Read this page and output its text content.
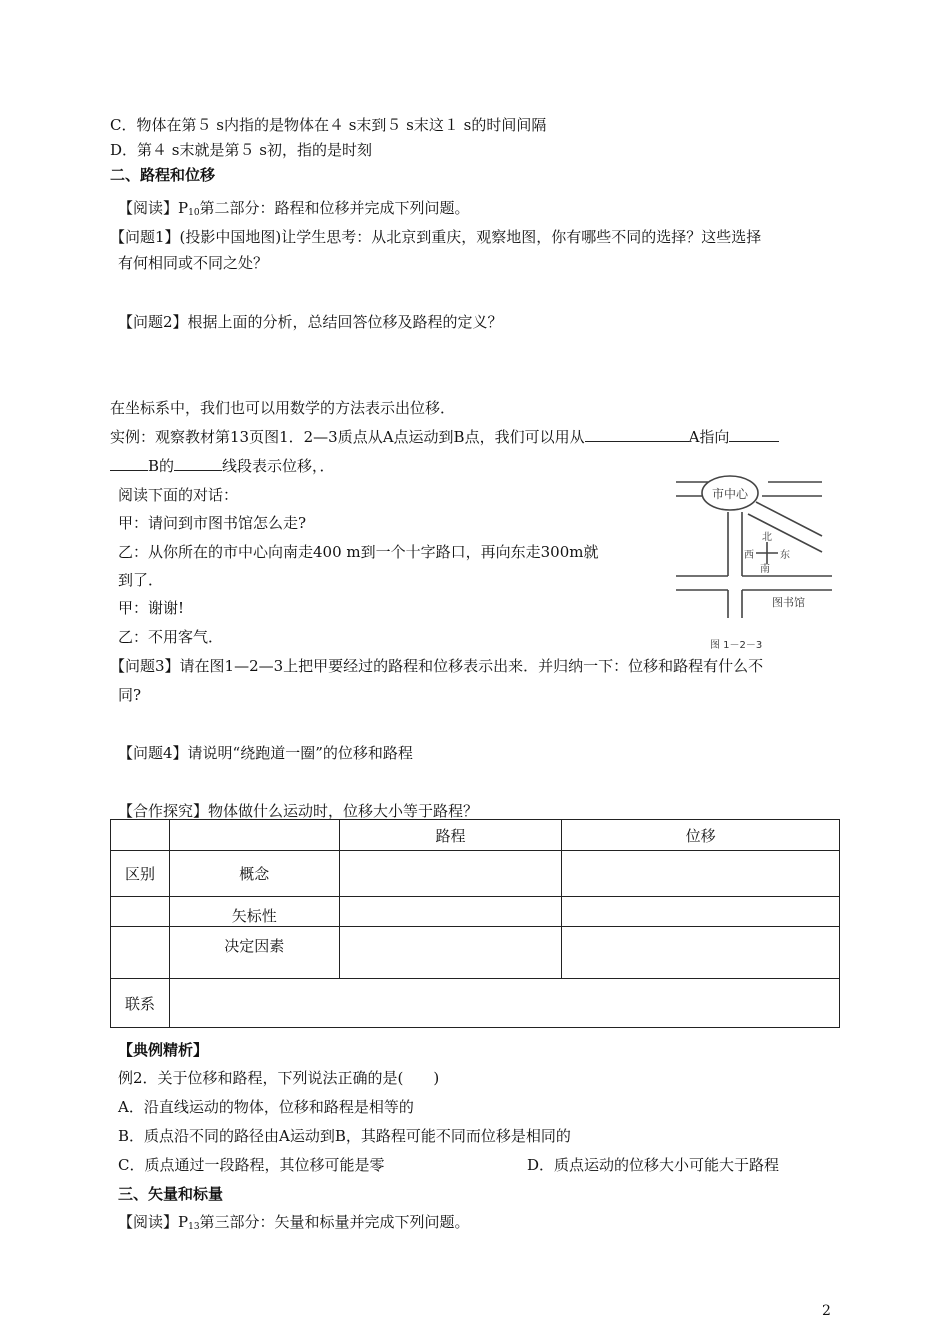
C．物体在第５ s内指的是物体在４ s末到５ s末这１ s的时间间隔
D．第４ s末就是第５ s初，指的是时刻
二、路程和位移
【阅读】$P_{10}$第二部分：路程和位移并完成下列问题。
【问题1】(投影中国地图)让学生思考：从北京到重庆，观察地图，你有哪些不同的选择？这些选择
有何相同或不同之处？
【问题2】根据上面的分析，总结回答位移及路程的定义？
在坐标系中，我们也可以用数学的方法表示出位移．
实例：观察教材第13页图1．2—3质点从A点运动到B点，我们可以用从	A指向
B的	线段表示位移，．
阅读下面的对话：
甲：请问到市图书馆怎么走?
乙：从你所在的市中心向南走400 m到一个十字路口，再向东走300m就
到了．
甲：谢谢!
乙：不用客气．
市中心
北
西	东
南
图书馆
图 1－2－3
【问题3】请在图1—2—3上把甲要经过的路程和位移表示出来．并归纳一下：位移和路程有什么不
同?
【问题4】请说明“绕跑道一圈”的位移和路程
【合作探究】物体做什么运动时，位移大小等于路程？
		路程	位移
区别	概念		
	矢标性		
	决定因素		
联系			
【典例精析】
例2．关于位移和路程，下列说法正确的是(　　)
A．沿直线运动的物体，位移和路程是相等的
B．质点沿不同的路径由A运动到B，其路程可能不同而位移是相同的
C．质点通过一段路程，其位移可能是零	D．质点运动的位移大小可能大于路程
三、矢量和标量
【阅读】$P_{13}$第三部分：矢量和标量并完成下列问题。
2
